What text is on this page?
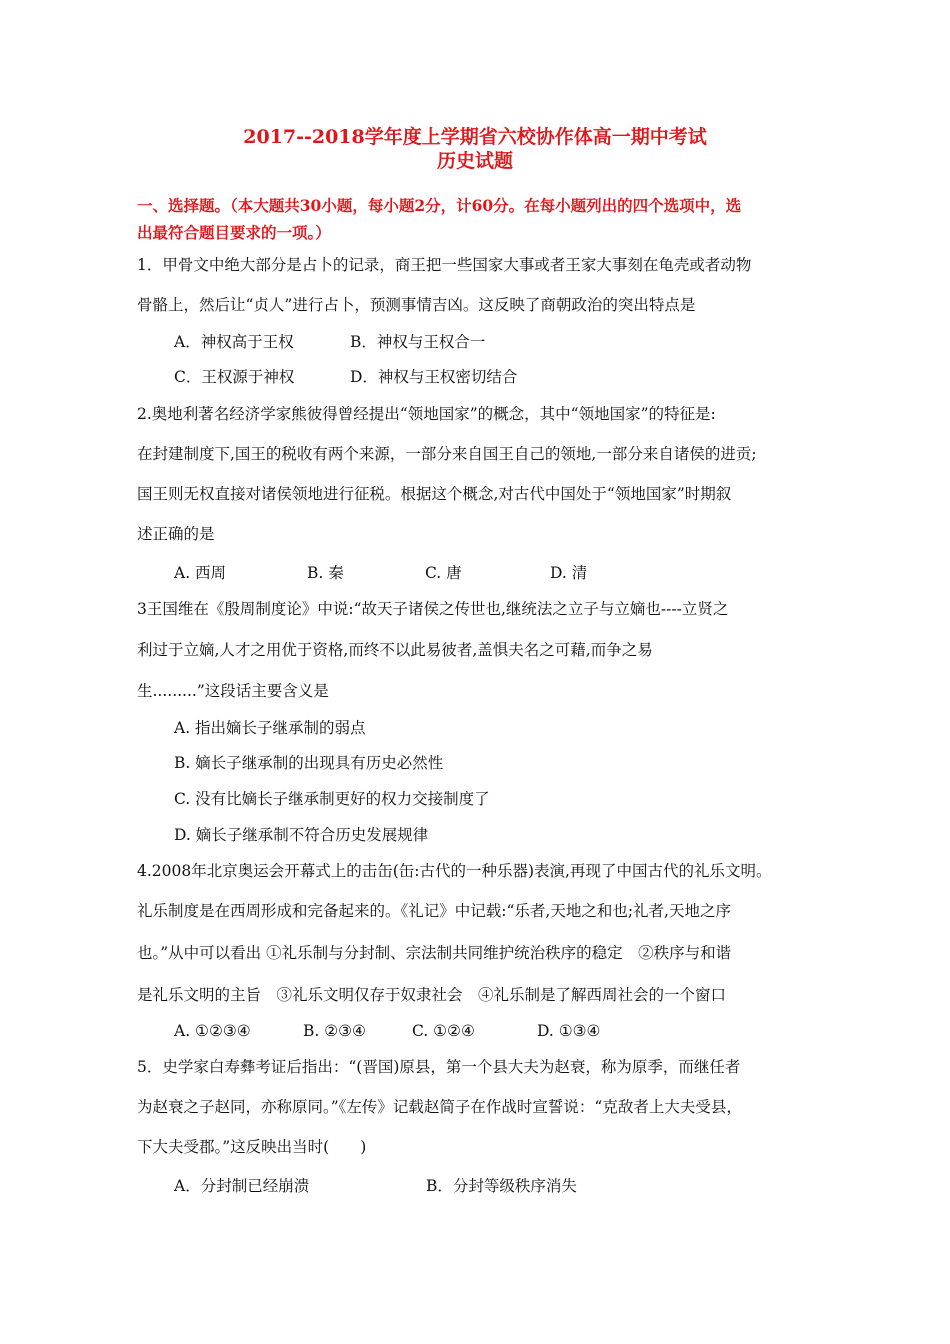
2017--2018学年度上学期省六校协作体高一期中考试
历史试题
一、选择题。（本大题共30小题，每小题2分，计60分。在每小题列出的四个选项中，选
出最符合题目要求的一项。）
1．甲骨文中绝大部分是占卜的记录，商王把一些国家大事或者王家大事刻在龟壳或者动物
骨骼上，然后让“贞人”进行占卜，预测事情吉凶。这反映了商朝政治的突出特点是
A．神权高于王权	B．神权与王权合一
C．王权源于神权	D．神权与王权密切结合
2.奥地利著名经济学家熊彼得曾经提出“领地国家”的概念，其中“领地国家”的特征是:
在封建制度下,国王的税收有两个来源，一部分来自国王自己的领地,一部分来自诸侯的进贡;
国王则无权直接对诸侯领地进行征税。根据这个概念,对古代中国处于“领地国家”时期叙
述正确的是
A. 西周	B. 秦	C. 唐	D. 清
3王国维在《殷周制度论》中说:“故天子诸侯之传世也,继统法之立子与立嫡也----立贤之
利过于立嫡,人才之用优于资格,而终不以此易彼者,盖惧夫名之可藉,而争之易
生.........”这段话主要含义是
A. 指出嫡长子继承制的弱点
B. 嫡长子继承制的出现具有历史必然性
C. 没有比嫡长子继承制更好的权力交接制度了
D. 嫡长子继承制不符合历史发展规律
4.2008年北京奥运会开幕式上的击缶(缶:古代的一种乐器)表演,再现了中国古代的礼乐文明。
礼乐制度是在西周形成和完备起来的。《礼记》中记载:“乐者,天地之和也;礼者,天地之序
也。”从中可以看出 ①礼乐制与分封制、宗法制共同维护统治秩序的稳定　②秩序与和谐
是礼乐文明的主旨　③礼乐文明仅存于奴隶社会　④礼乐制是了解西周社会的一个窗口
A. ①②③④	B. ②③④	C. ①②④	D. ①③④
5．史学家白寿彝考证后指出：“(晋国)原县，第一个县大夫为赵衰，称为原季，而继任者
为赵衰之子赵同，亦称原同。”《左传》记载赵简子在作战时宣誓说：“克敌者上大夫受县，
下大夫受郡。”这反映出当时(　　)
A．分封制已经崩溃	B．分封等级秩序消失
